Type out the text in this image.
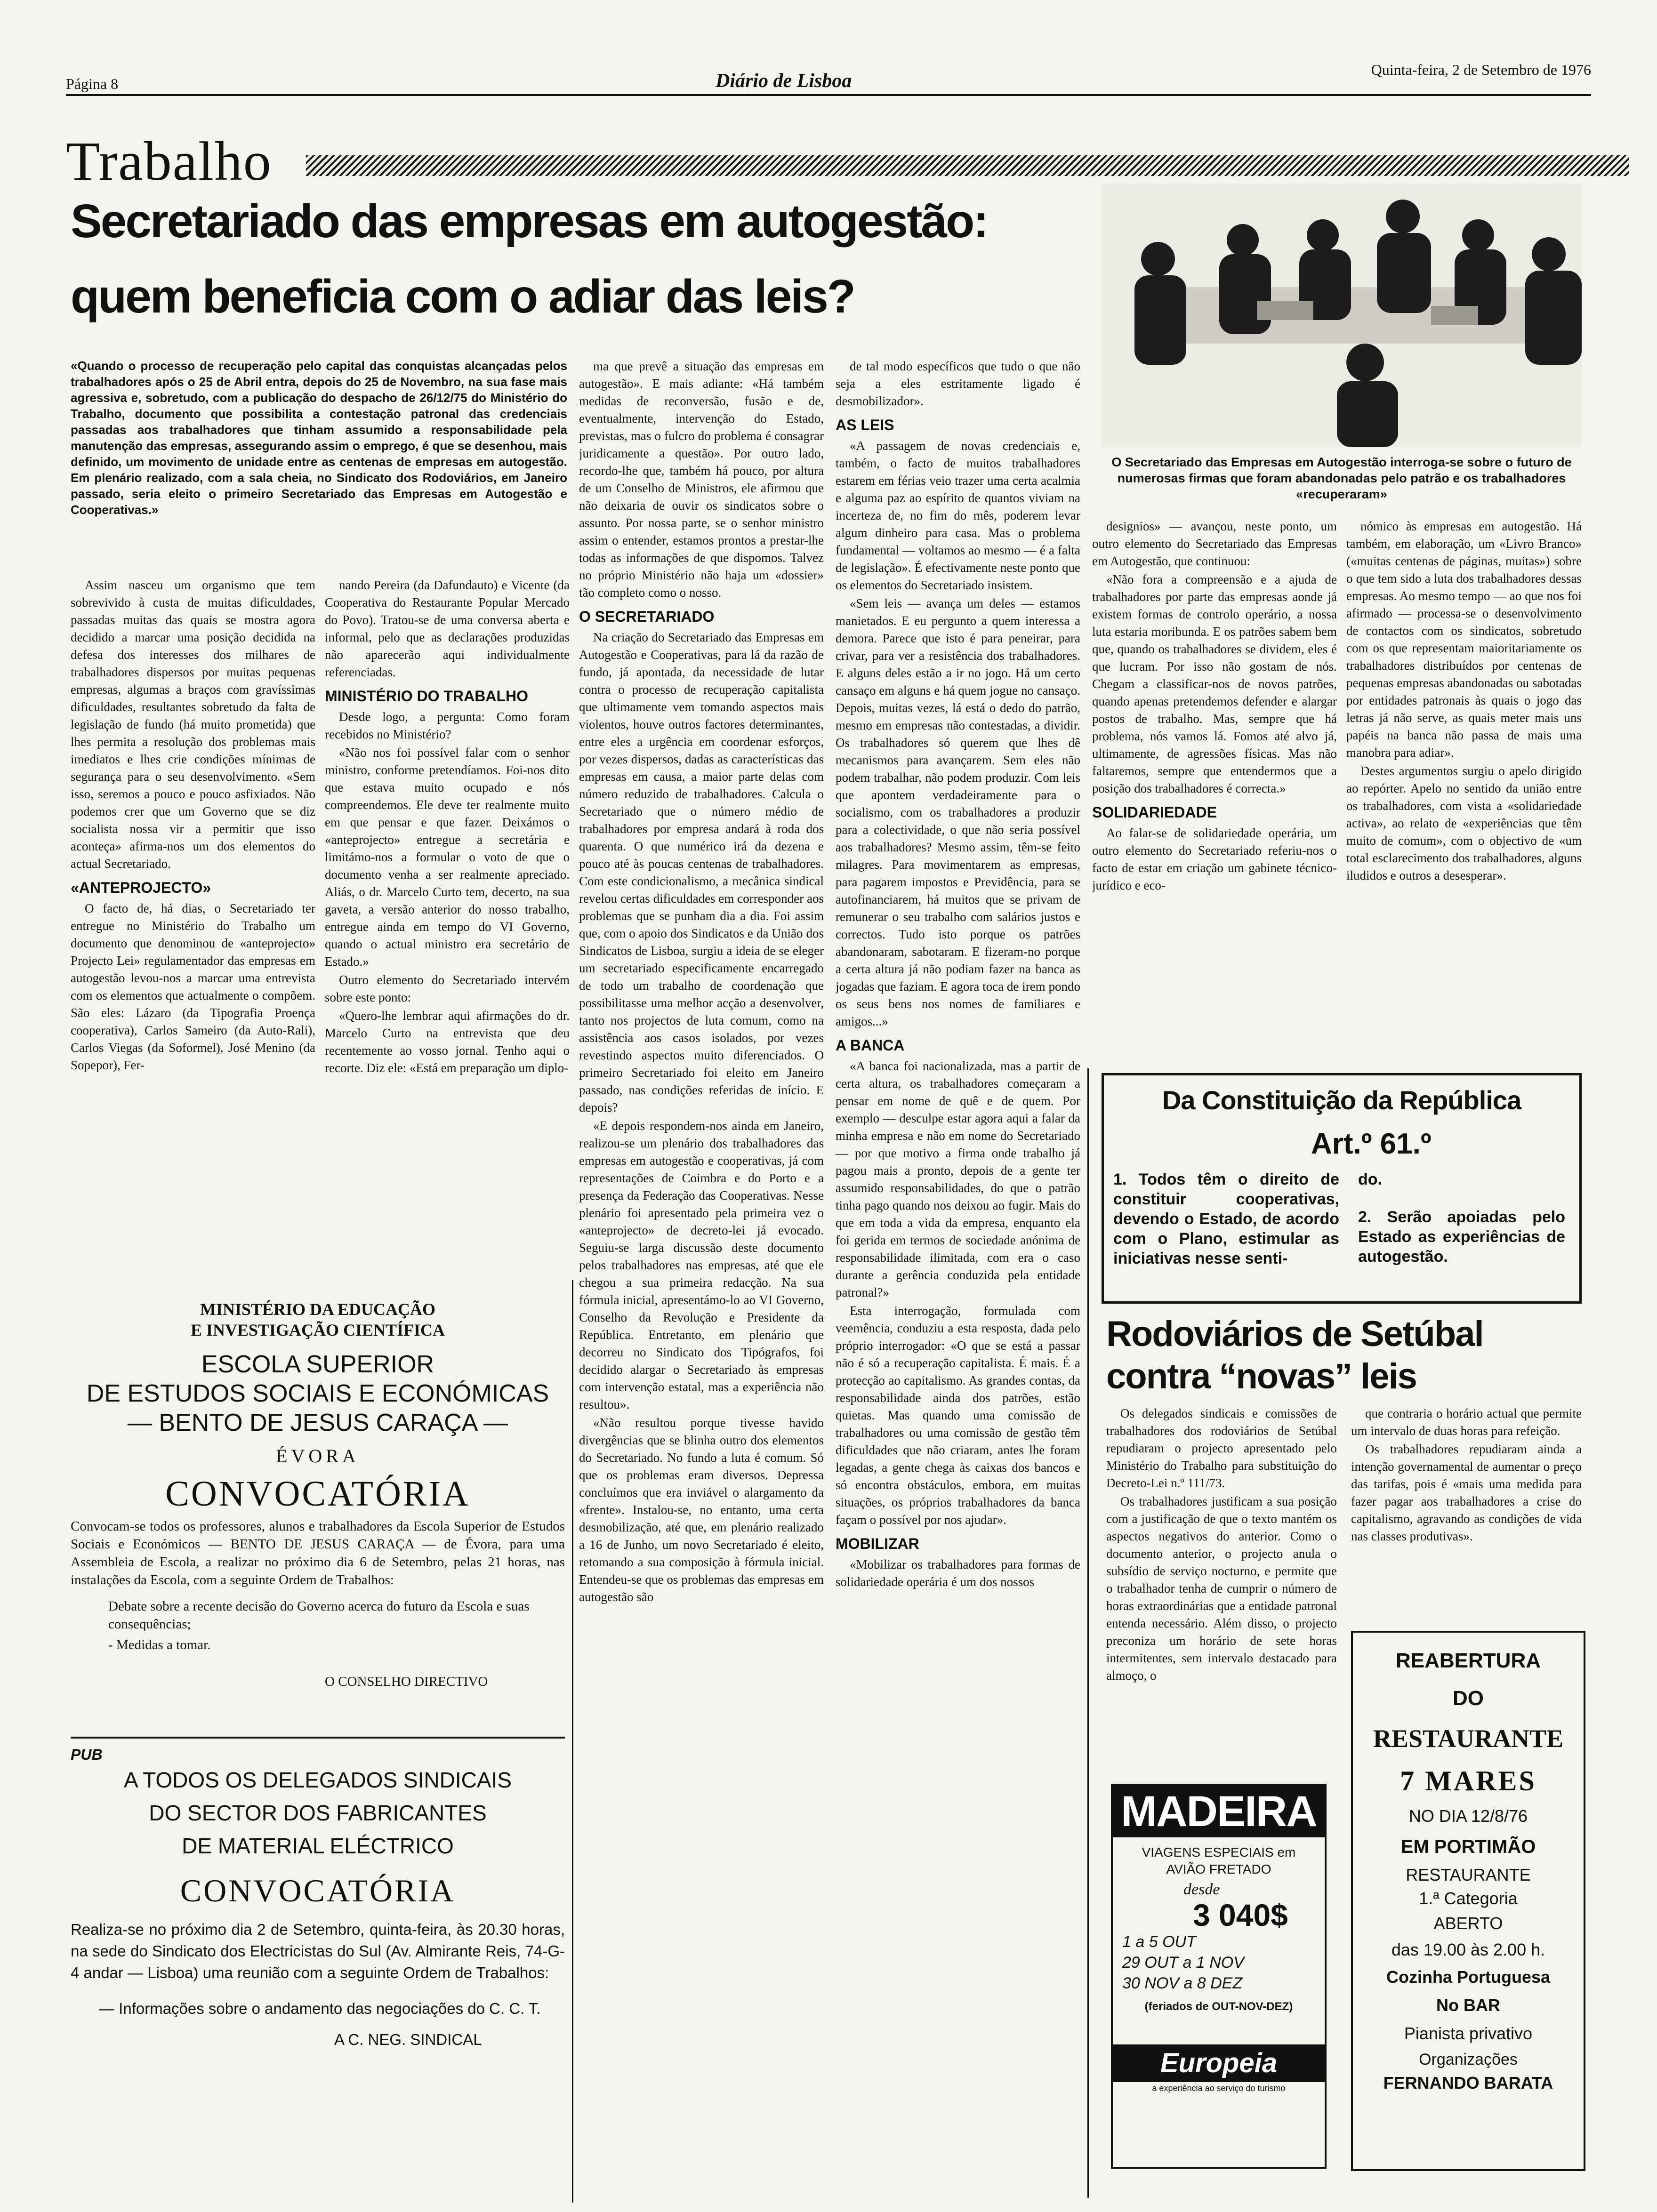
Página 8	Diário de Lisboa
Quinta-feira, 2 de Setembro de 1976
Trabalho
Secretariado das empresas em autogestão:
quem beneficia com o adiar das leis?
O Secretariado das Empresas em Autogestão interroga-se sobre o futuro de numerosas firmas que foram abandonadas pelo patrão e os trabalhadores «recuperaram»
«Quando o processo de recuperação pelo capital das conquistas alcançadas pelos trabalhadores após o 25 de Abril entra, depois do 25 de Novembro, na sua fase mais agressiva e, sobretudo, com a publicação do despacho de 26/12/75 do Ministério do Trabalho, documento que possibilita a contestação patronal das credenciais passadas aos trabalhadores que tinham assumido a responsabilidade pela manutenção das empresas, assegurando assim o emprego, é que se desenhou, mais definido, um movimento de unidade entre as centenas de empresas em autogestão. Em plenário realizado, com a sala cheia, no Sindicato dos Rodoviários, em Janeiro passado, seria eleito o primeiro Secretariado das Empresas em Autogestão e Cooperativas.»

Assim nasceu um organismo que tem sobrevivido à custa de muitas dificuldades, passadas muitas das quais se mostra agora decidido a marcar uma posição decidida na defesa dos interesses dos milhares de trabalhadores dispersos por muitas pequenas empresas, algumas a braços com gravíssimas dificuldades, resultantes sobretudo da falta de legislação de fundo (há muito prometida) que lhes permita a resolução dos problemas mais imediatos e lhes crie condições mínimas de segurança para o seu desenvolvimento. «Sem isso, seremos a pouco e pouco asfixiados. Não podemos crer que um Governo que se diz socialista nossa vir a permitir que isso aconteça» afirma-nos um dos elementos do actual Secretariado.

«ANTEPROJECTO»

O facto de, há dias, o Secretariado ter entregue no Ministério do Trabalho um documento que denominou de «anteprojecto» Projecto Lei» regulamentador das empresas em autogestão levou-nos a marcar uma entrevista com os elementos que actualmente o compõem. São eles: Lázaro (da Tipografia Proença cooperativa), Carlos Sameiro (da Auto-Rali), Carlos Viegas (da Soformel), José Menino (da Sopepor), Fer-

nando Pereira (da Dafundauto) e Vicente (da Cooperativa do Restaurante Popular Mercado do Povo). Tratou-se de uma conversa aberta e informal, pelo que as declarações produzidas não aparecerão aqui individualmente referenciadas.

MINISTÉRIO DO TRABALHO

Desde logo, a pergunta: Como foram recebidos no Ministério?

«Não nos foi possível falar com o senhor ministro, conforme pretendíamos. Foi-nos dito que estava muito ocupado e nós compreendemos. Ele deve ter realmente muito em que pensar e que fazer. Deixámos o «anteprojecto» entregue a secretária e limitámo-nos a formular o voto de que o documento venha a ser realmente apreciado. Aliás, o dr. Marcelo Curto tem, decerto, na sua gaveta, a versão anterior do nosso trabalho, entregue ainda em tempo do VI Governo, quando o actual ministro era secretário de Estado.»

Outro elemento do Secretariado intervém sobre este ponto:

«Quero-lhe lembrar aqui afirmações do dr. Marcelo Curto na entrevista que deu recentemente ao vosso jornal. Tenho aqui o recorte. Diz ele: «Está em preparação um diplo-

ma que prevê a situação das empresas em autogestão». E mais adiante: «Há também medidas de reconversão, fusão e de, eventualmente, intervenção do Estado, previstas, mas o fulcro do problema é consagrar juridicamente a questão». Por outro lado, recordo-lhe que, também há pouco, por altura de um Conselho de Ministros, ele afirmou que não deixaria de ouvir os sindicatos sobre o assunto. Por nossa parte, se o senhor ministro assim o entender, estamos prontos a prestar-lhe todas as informações de que dispomos. Talvez no próprio Ministério não haja um «dossier» tão completo como o nosso.

O SECRETARIADO

Na criação do Secretariado das Empresas em Autogestão e Cooperativas, para lá da razão de fundo, já apontada, da necessidade de lutar contra o processo de recuperação capitalista que ultimamente vem tomando aspectos mais violentos, houve outros factores determinantes, entre eles a urgência em coordenar esforços, por vezes dispersos, dadas as características das empresas em causa, a maior parte delas com número reduzido de trabalhadores. Calcula o Secretariado que o número médio de trabalhadores por empresa andará à roda dos quarenta. O que numérico irá da dezena e pouco até às poucas centenas de trabalhadores. Com este condicionalismo, a mecânica sindical revelou certas dificuldades em corresponder aos problemas que se punham dia a dia. Foi assim que, com o apoio dos Sindicatos e da União dos Sindicatos de Lisboa, surgiu a ideia de se eleger um secretariado especificamente encarregado de todo um trabalho de coordenação que possibilitasse uma melhor acção a desenvolver, tanto nos projectos de luta comum, como na assistência aos casos isolados, por vezes revestindo aspectos muito diferenciados. O primeiro Secretariado foi eleito em Janeiro passado, nas condições referidas de início. E depois?

«E depois respondem-nos ainda em Janeiro, realizou-se um plenário dos trabalhadores das empresas em autogestão e cooperativas, já com representações de Coimbra e do Porto e a presença da Federação das Cooperativas. Nesse plenário foi apresentado pela primeira vez o «anteprojecto» de decreto-lei já evocado. Seguiu-se larga discussão deste documento pelos trabalhadores nas empresas, até que ele chegou a sua primeira redacção. Na sua fórmula inicial, apresentámo-lo ao VI Governo, Conselho da Revolução e Presidente da República. Entretanto, em plenário que decorreu no Sindicato dos Tipógrafos, foi decidido alargar o Secretariado às empresas com intervenção estatal, mas a experiência não resultou».

«Não resultou porque tivesse havido divergências que se blinha outro dos elementos do Secretariado. No fundo a luta é comum. Só que os problemas eram diversos. Depressa concluímos que era inviável o alargamento da «frente». Instalou-se, no entanto, uma certa desmobilização, até que, em plenário realizado a 16 de Junho, um novo Secretariado é eleito, retomando a sua composição à fórmula inicial. Entendeu-se que os problemas das empresas em autogestão são

de tal modo específicos que tudo o que não seja a eles estritamente ligado é desmobilizador».

AS LEIS

«A passagem de novas credenciais e, também, o facto de muitos trabalhadores estarem em férias veio trazer uma certa acalmia e alguma paz ao espírito de quantos viviam na incerteza de, no fim do mês, poderem levar algum dinheiro para casa. Mas o problema fundamental — voltamos ao mesmo — é a falta de legislação». É efectivamente neste ponto que os elementos do Secretariado insistem.

«Sem leis — avança um deles — estamos manietados. E eu pergunto a quem interessa a demora. Parece que isto é para peneirar, para crivar, para ver a resistência dos trabalhadores. E alguns deles estão a ir no jogo. Há um certo cansaço em alguns e há quem jogue no cansaço. Depois, muitas vezes, lá está o dedo do patrão, mesmo em empresas não contestadas, a dividir. Os trabalhadores só querem que lhes dê mecanismos para avançarem. Sem eles não podem trabalhar, não podem produzir. Com leis que apontem verdadeiramente para o socialismo, com os trabalhadores a produzir para a colectividade, o que não seria possível aos trabalhadores? Mesmo assim, têm-se feito milagres. Para movimentarem as empresas, para pagarem impostos e Previdência, para se autofinanciarem, há muitos que se privam de remunerar o seu trabalho com salários justos e correctos. Tudo isto porque os patrões abandonaram, sabotaram. E fizeram-no porque a certa altura já não podiam fazer na banca as jogadas que faziam. E agora toca de irem pondo os seus bens nos nomes de familiares e amigos...»

A BANCA

«A banca foi nacionalizada, mas a partir de certa altura, os trabalhadores começaram a pensar em nome de quê e de quem. Por exemplo — desculpe estar agora aqui a falar da minha empresa e não em nome do Secretariado — por que motivo a firma onde trabalho já pagou mais a pronto, depois de a gente ter assumido responsabilidades, do que o patrão tinha pago quando nos deixou ao fugir. Mais do que em toda a vida da empresa, enquanto ela foi gerida em termos de sociedade anónima de responsabilidade ilimitada, com era o caso durante a gerência conduzida pela entidade patronal?»

Esta interrogação, formulada com veemência, conduziu a esta resposta, dada pelo próprio interrogador: «O que se está a passar não é só a recuperação capitalista. É mais. É a protecção ao capitalismo. As grandes contas, da responsabilidade ainda dos patrões, estão quietas. Mas quando uma comissão de trabalhadores ou uma comissão de gestão têm dificuldades que não criaram, antes lhe foram legadas, a gente chega às caixas dos bancos e só encontra obstáculos, embora, em muitas situações, os próprios trabalhadores da banca façam o possível por nos ajudar».

MOBILIZAR

«Mobilizar os trabalhadores para formas de solidariedade operária é um dos nossos

designios» — avançou, neste ponto, um outro elemento do Secretariado das Empresas em Autogestão, que continuou:

«Não fora a compreensão e a ajuda de trabalhadores por parte das empresas aonde já existem formas de controlo operário, a nossa luta estaria moribunda. E os patrões sabem bem que, quando os trabalhadores se dividem, eles é que lucram. Por isso não gostam de nós. Chegam a classificar-nos de novos patrões, quando apenas pretendemos defender e alargar postos de trabalho. Mas, sempre que há problema, nós vamos lá. Fomos até alvo já, ultimamente, de agressões físicas. Mas não faltaremos, sempre que entendermos que a posição dos trabalhadores é correcta.»

SOLIDARIEDADE

Ao falar-se de solidariedade operária, um outro elemento do Secretariado referiu-nos o facto de estar em criação um gabinete técnico-jurídico e eco-

nómico às empresas em autogestão. Há também, em elaboração, um «Livro Branco» («muitas centenas de páginas, muitas») sobre o que tem sido a luta dos trabalhadores dessas empresas. Ao mesmo tempo — ao que nos foi afirmado — processa-se o desenvolvimento de contactos com os sindicatos, sobretudo com os que representam maioritariamente os trabalhadores distribuídos por centenas de pequenas empresas abandonadas ou sabotadas por entidades patronais às quais o jogo das letras já não serve, as quais meter mais uns papéis na banca não passa de mais uma manobra para adiar».

Destes argumentos surgiu o apelo dirigido ao repórter. Apelo no sentido da união entre os trabalhadores, com vista a «solidariedade activa», ao relato de «experiências que têm muito de comum», com o objectivo de «um total esclarecimento dos trabalhadores, alguns iludidos e outros a desesperar».

Da Constituição da República
Art.º 61.º
1. Todos têm o direito de constituir cooperativas, devendo o Estado, de acordo com o Plano, estimular as iniciativas nesse senti-
do.
2. Serão apoiadas pelo Estado as experiências de autogestão.
Rodoviários de Setúbal
contra “novas” leis

Os delegados sindicais e comissões de trabalhadores dos rodoviários de Setúbal repudiaram o projecto apresentado pelo Ministério do Trabalho para substituição do Decreto-Lei n.º 111/73.

Os trabalhadores justificam a sua posição com a justificação de que o texto mantém os aspectos negativos do anterior. Como o documento anterior, o projecto anula o subsídio de serviço nocturno, e permite que o trabalhador tenha de cumprir o número de horas extraordinárias que a entidade patronal entenda necessário. Além disso, o projecto preconiza um horário de sete horas intermitentes, sem intervalo destacado para almoço, o

que contraria o horário actual que permite um intervalo de duas horas para refeição.

Os trabalhadores repudiaram ainda a intenção governamental de aumentar o preço das tarifas, pois é «mais uma medida para fazer pagar aos trabalhadores a crise do capitalismo, agravando as condições de vida nas classes produtivas».

MINISTÉRIO DA EDUCAÇÃO
E INVESTIGAÇÃO CIENTÍFICA
ESCOLA SUPERIOR
DE ESTUDOS SOCIAIS E ECONÓMICAS
— BENTO DE JESUS CARAÇA —
ÉVORA
CONVOCATÓRIA
Convocam-se todos os professores, alunos e trabalhadores da Escola Superior de Estudos Sociais e Económicos — BENTO DE JESUS CARAÇA — de Évora, para uma Assembleia de Escola, a realizar no próximo dia 6 de Setembro, pelas 21 horas, nas instalações da Escola, com a seguinte Ordem de Trabalhos:
Debate sobre a recente decisão do Governo acerca do futuro da Escola e suas consequências;
- Medidas a tomar.
O CONSELHO DIRECTIVO
PUB
A TODOS OS DELEGADOS SINDICAIS
DO SECTOR DOS FABRICANTES
DE MATERIAL ELÉCTRICO
CONVOCATÓRIA
Realiza-se no próximo dia 2 de Setembro, quinta-feira, às 20.30 horas, na sede do Sindicato dos Electricistas do Sul (Av. Almirante Reis, 74-G-4 andar — Lisboa) uma reunião com a seguinte Ordem de Trabalhos:
— Informações sobre o andamento das negociações do C. C. T.
A C. NEG. SINDICAL
MADEIRA
VIAGENS ESPECIAIS em
AVIÃO FRETADO
desde
3 040$
1 a 5 OUT
29 OUT a 1 NOV
30 NOV a 8 DEZ
(feriados de OUT-NOV-DEZ)
Europeia
a experiência ao serviço do turismo
REABERTURA
DO
RESTAURANTE
7 MARES
NO DIA 12/8/76
EM PORTIMÃO
RESTAURANTE
1.ª Categoria
ABERTO
das 19.00 às 2.00 h.
Cozinha Portuguesa
No BAR
Pianista privativo
Organizações
FERNANDO BARATA
